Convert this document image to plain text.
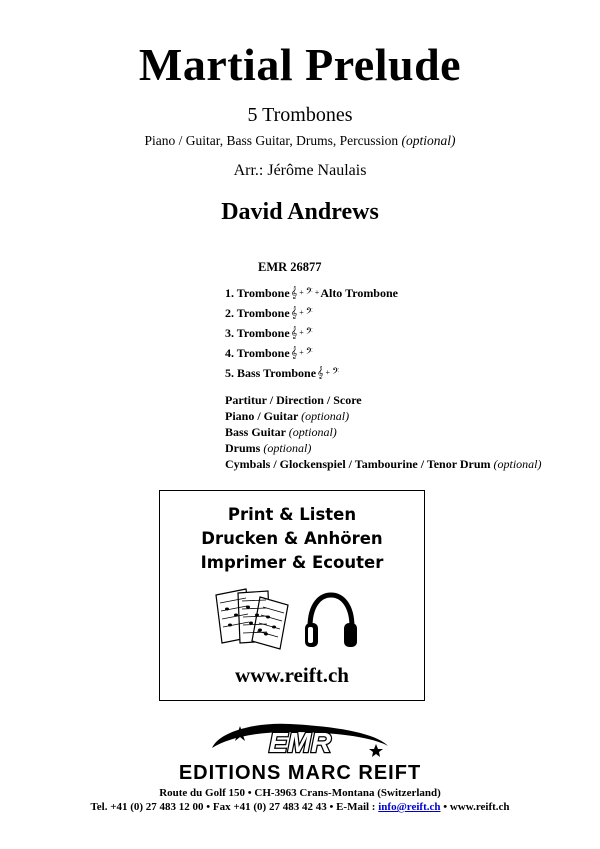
Martial Prelude
5 Trombones
Piano / Guitar, Bass Guitar, Drums, Percussion (optional)
Arr.: Jérôme Naulais
David Andrews
EMR 26877
1. Trombone 𝄞 + 𝄢 + Alto Trombone
2. Trombone 𝄞 + 𝄢
3. Trombone 𝄞 + 𝄢
4. Trombone 𝄞 + 𝄢
5. Bass Trombone 𝄞 + 𝄢
Partitur / Direction / Score
Piano / Guitar (optional)
Bass Guitar (optional)
Drums (optional)
Cymbals / Glockenspiel / Tambourine / Tenor Drum (optional)
Print & Listen
Drucken & Anhören
Imprimer & Ecouter
www.reift.ch
EMR
EDITIONS MARC REIFT
Route du Golf 150 • CH-3963 Crans-Montana (Switzerland)
Tel. +41 (0) 27 483 12 00 • Fax +41 (0) 27 483 42 43 • E-Mail : info@reift.ch • www.reift.ch
